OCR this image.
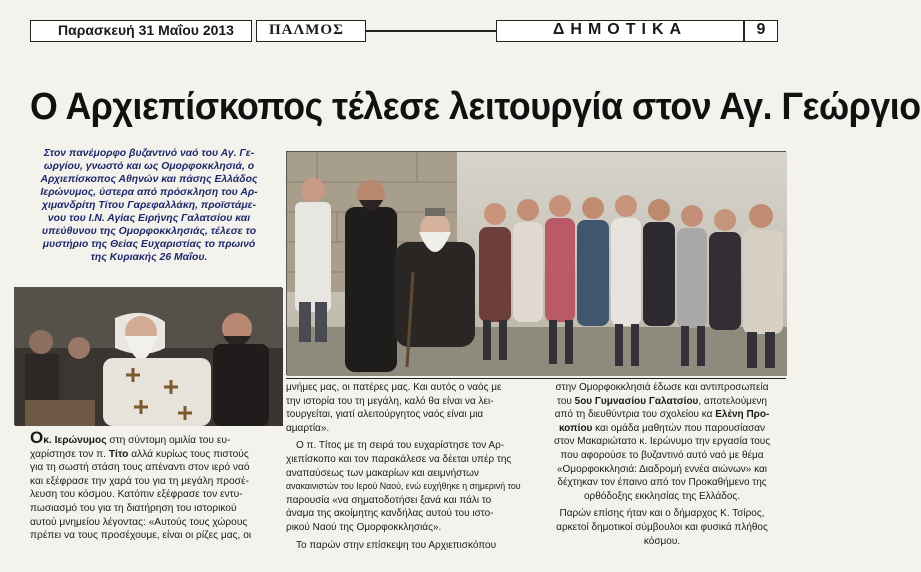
Παρασκευή 31 Μαΐου 2013 ΠΑΛΜΟΣ	ΔΗΜΟΤΙΚΑ	9
Ο Αρχιεπίσκοπος τέλεσε λειτουργία στον Αγ. Γεώργιο
Στον πανέμορφο βυζαντινό ναό του Αγ. Γε-
ωργίου, γνωστό και ως Ομορφοκκλησιά, ο
Αρχιεπίσκοπος Αθηνών και πάσης Ελλάδος
Ιερώνυμος, ύστερα από πρόσκληση του Αρ-
χιμανδρίτη Τίτου Γαρεφαλλάκη, προϊστάμε-
νου του Ι.Ν. Αγίας Ειρήνης Γαλατσίου και
υπεύθυνου της Ομορφοκκλησιάς, τέλεσε το
μυστήριο της Θείας Ευχαριστίας το πρωινό
της Κυριακής 26 Μαΐου.
Οκ. Ιερώνυμος στη σύντομη ομιλία του ευ-
χαρίστησε τον π. Τίτο αλλά κυρίως τους πιστούς
για τη σωστή στάση τους απέναντι στον ιερό ναό
και εξέφρασε την χαρά του για τη μεγάλη προσέ-
λευση του κόσμου. Κατόπιν εξέφρασε τον εντυ-
πωσιασμό του για τη διατήρηση του ιστορικού
αυτού μνημείου λέγοντας: «Αυτούς τους χώρους
πρέπει να τους προσέχουμε, είναι οι ρίζες μας, οι
μνήμες μας, οι πατέρες μας. Και αυτός ο ναός με
την ιστορία του τη μεγάλη, καλό θα είναι να λει-
τουργείται, γιατί αλειτούργητος ναός είναι μια
αμαρτία».
Ο π. Τίτος με τη σειρά του ευχαρίστησε τον Αρ-
χιεπίσκοπο και τον παρακάλεσε να δέεται υπέρ της
αναπαύσεως των μακαρίων και αειμνήστων
ανακαινιστών του Ιερού Ναού, ενώ ευχήθηκε η σημερινή του
παρουσία «να σηματοδοτήσει ξανά και πάλι το
άναμα της ακοίμητης κανδήλας αυτού του ιστο-
ρικού Ναού της Ομορφοκκλησιάς».
Το παρών στην επίσκεψη του Αρχιεπισκόπου
στην Ομορφοκκλησιά έδωσε και αντιπροσωπεία
του 5ου Γυμνασίου Γαλατσίου, αποτελούμενη
από τη διευθύντρια του σχολείου κα Ελένη Προ-
κοπίου και ομάδα μαθητών που παρουσίασαν
στον Μακαριώτατο κ. Ιερώνυμο την εργασία τους
που αφορούσε το βυζαντινό αυτό ναό με θέμα
«Ομορφοκκλησιά: Διαδρομή εννέα αιώνων» και
δέχτηκαν τον έπαινο από τον Προκαθήμενο της
ορθόδοξης εκκλησίας της Ελλάδος.
Παρών επίσης ήταν και ο δήμαρχος Κ. Τσίρος,
αρκετοί δημοτικοί σύμβουλοι και φυσικά πλήθος
κόσμου.
